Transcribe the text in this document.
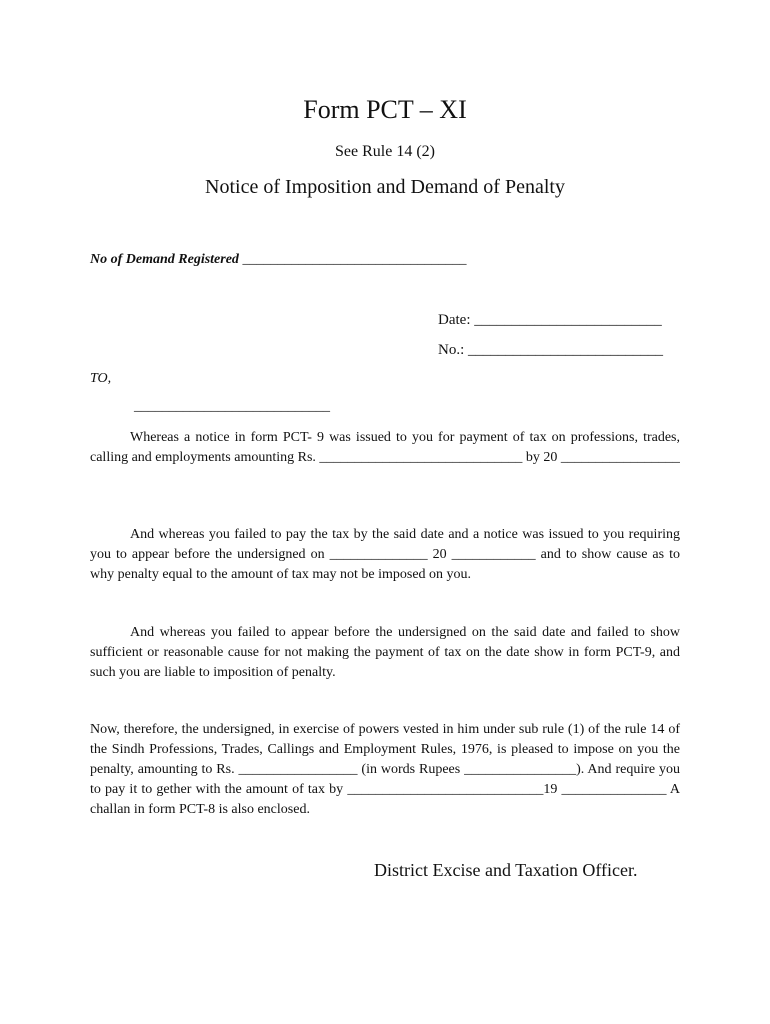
Form PCT – XI
See Rule 14 (2)
Notice of Imposition and Demand of Penalty
No of Demand Registered ________________________________
Date: _________________________
No.: __________________________
TO,
____________________________

Whereas a notice in form PCT- 9 was issued to you for payment of tax on professions, trades, calling and employments amounting Rs. _____________________________ by 20 _________________

And whereas you failed to pay the tax by the said date and a notice was issued to you requiring you to appear before the undersigned on ______________ 20 ____________ and to show cause as to why penalty equal to the amount of tax may not be imposed on you.

And whereas you failed to appear before the undersigned on the said date and failed to show sufficient or reasonable cause for not making the payment of tax on the date show in form PCT-9, and such you are liable to imposition of penalty.

Now, therefore, the undersigned, in exercise of powers vested in him under sub rule (1) of the rule 14 of the Sindh Professions, Trades, Callings and Employment Rules, 1976, is pleased to impose on you the penalty, amounting to Rs. _________________ (in words Rupees ________________). And require you to pay it to gether with the amount of tax by ____________________________19 _______________ A challan in form PCT-8 is also enclosed.

District Excise and Taxation Officer.
